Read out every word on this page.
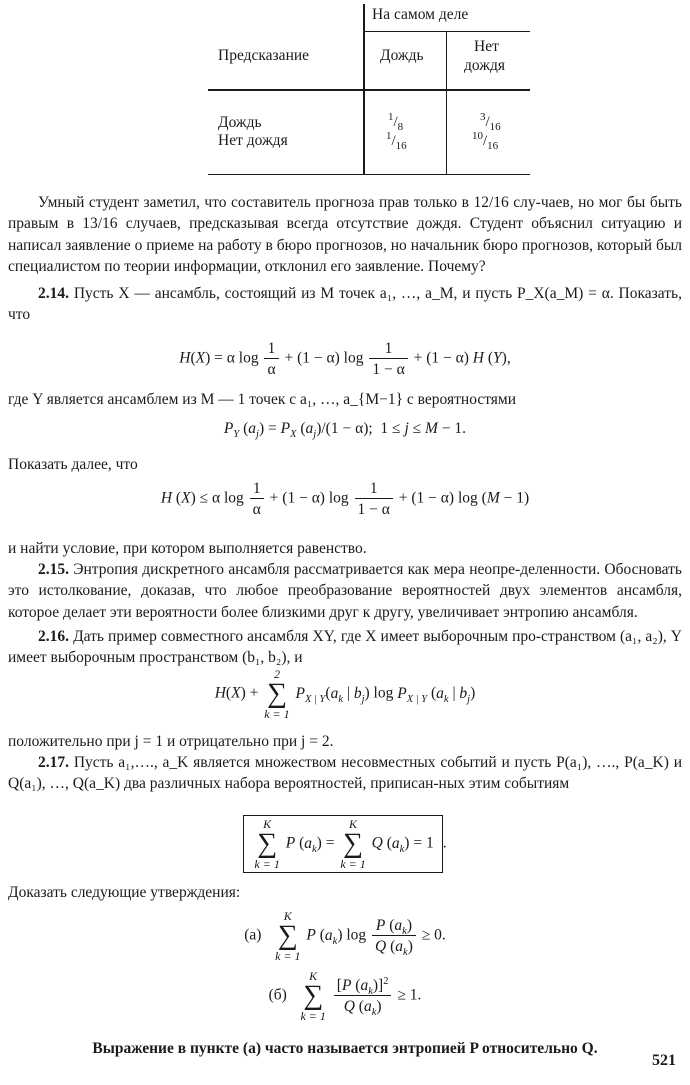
На самом деле
Предсказание	Дождь
Нет
дождя
Дождь
Нет дождя
$^1/_8$
$^1/_{16}$
$^3/_{16}$
$^{10}/_{16}$
Умный студент заметил, что составитель прогноза прав только в 12/16 слу-чаев, но мог бы быть правым в 13/16 случаев, предсказывая всегда отсутствие дождя. Студент объяснил ситуацию и написал заявление о приеме на работу в бюро прогнозов, но начальник бюро прогнозов, который был специалистом по теории информации, отклонил его заявление. Почему?
2.14. Пусть X — ансамбль, состоящий из M точек a₁, …, a_M, и пусть P_X(a_M) = α. Показать, что
H(X) = α $\log \frac{1}{\alpha} + (1 - \alpha)$ $\log \frac{1}{1 - \alpha} + (1 - \alpha)$ H (Y),
где Y является ансамблем из M — 1 точек с a₁, …, a_{M−1} с вероятностями
$P_Y$ $(a_j) = P_X$ $(a_j)/(1 - \alpha)$;  1 ≤ j ≤ M − 1.
Показать далее, что
H (X) ≤ α $\log \frac{1}{\alpha} + (1 - \alpha)$ $\log \frac{1}{1 - \alpha} + (1 - \alpha)$ log (M − 1)
и найти условие, при котором выполняется равенство.
2.15. Энтропия дискретного ансамбля рассматривается как мера неопре-деленности. Обосновать это истолкование, доказав, что любое преобразование вероятностей двух элементов ансамбля, которое делает эти вероятности более близкими друг к другу, увеличивает энтропию ансамбля.
2.16. Дать пример совместного ансамбля XY, где X имеет выборочным про-странством (a₁, a₂), Y имеет выборочным пространством (b₁, b₂), и
H(X) +
2
∑
k = 1
$P_{X | Y}(a_k$ | $b_j$) $\log P_{X | Y}$ ($a_k$ | $b_j$)
положительно при j = 1 и отрицательно при j = 2.
2.17. Пусть a₁,…., a_K является множеством несовместных событий и пусть P(a₁), …., P(a_K) и Q(a₁), …, Q(a_K) два различных набора вероятностей, приписан-ных этим событиям
K
∑
k = 1
P $(a_k)$ =
K
∑
k = 1
Q $(a_k) = 1$ .
Доказать следующие утверждения:
(а)
K
∑
k = 1
P $(a_k)$ $\log \frac{P (a_k)}{Q (a_k)} \ge 0$.
(б)
K
∑
k = 1

$\frac{[P (a_k)]^2}{Q (a_k)} \ge 1$.
Выражение в пункте (а) часто называется энтропией P относительно Q.
521
